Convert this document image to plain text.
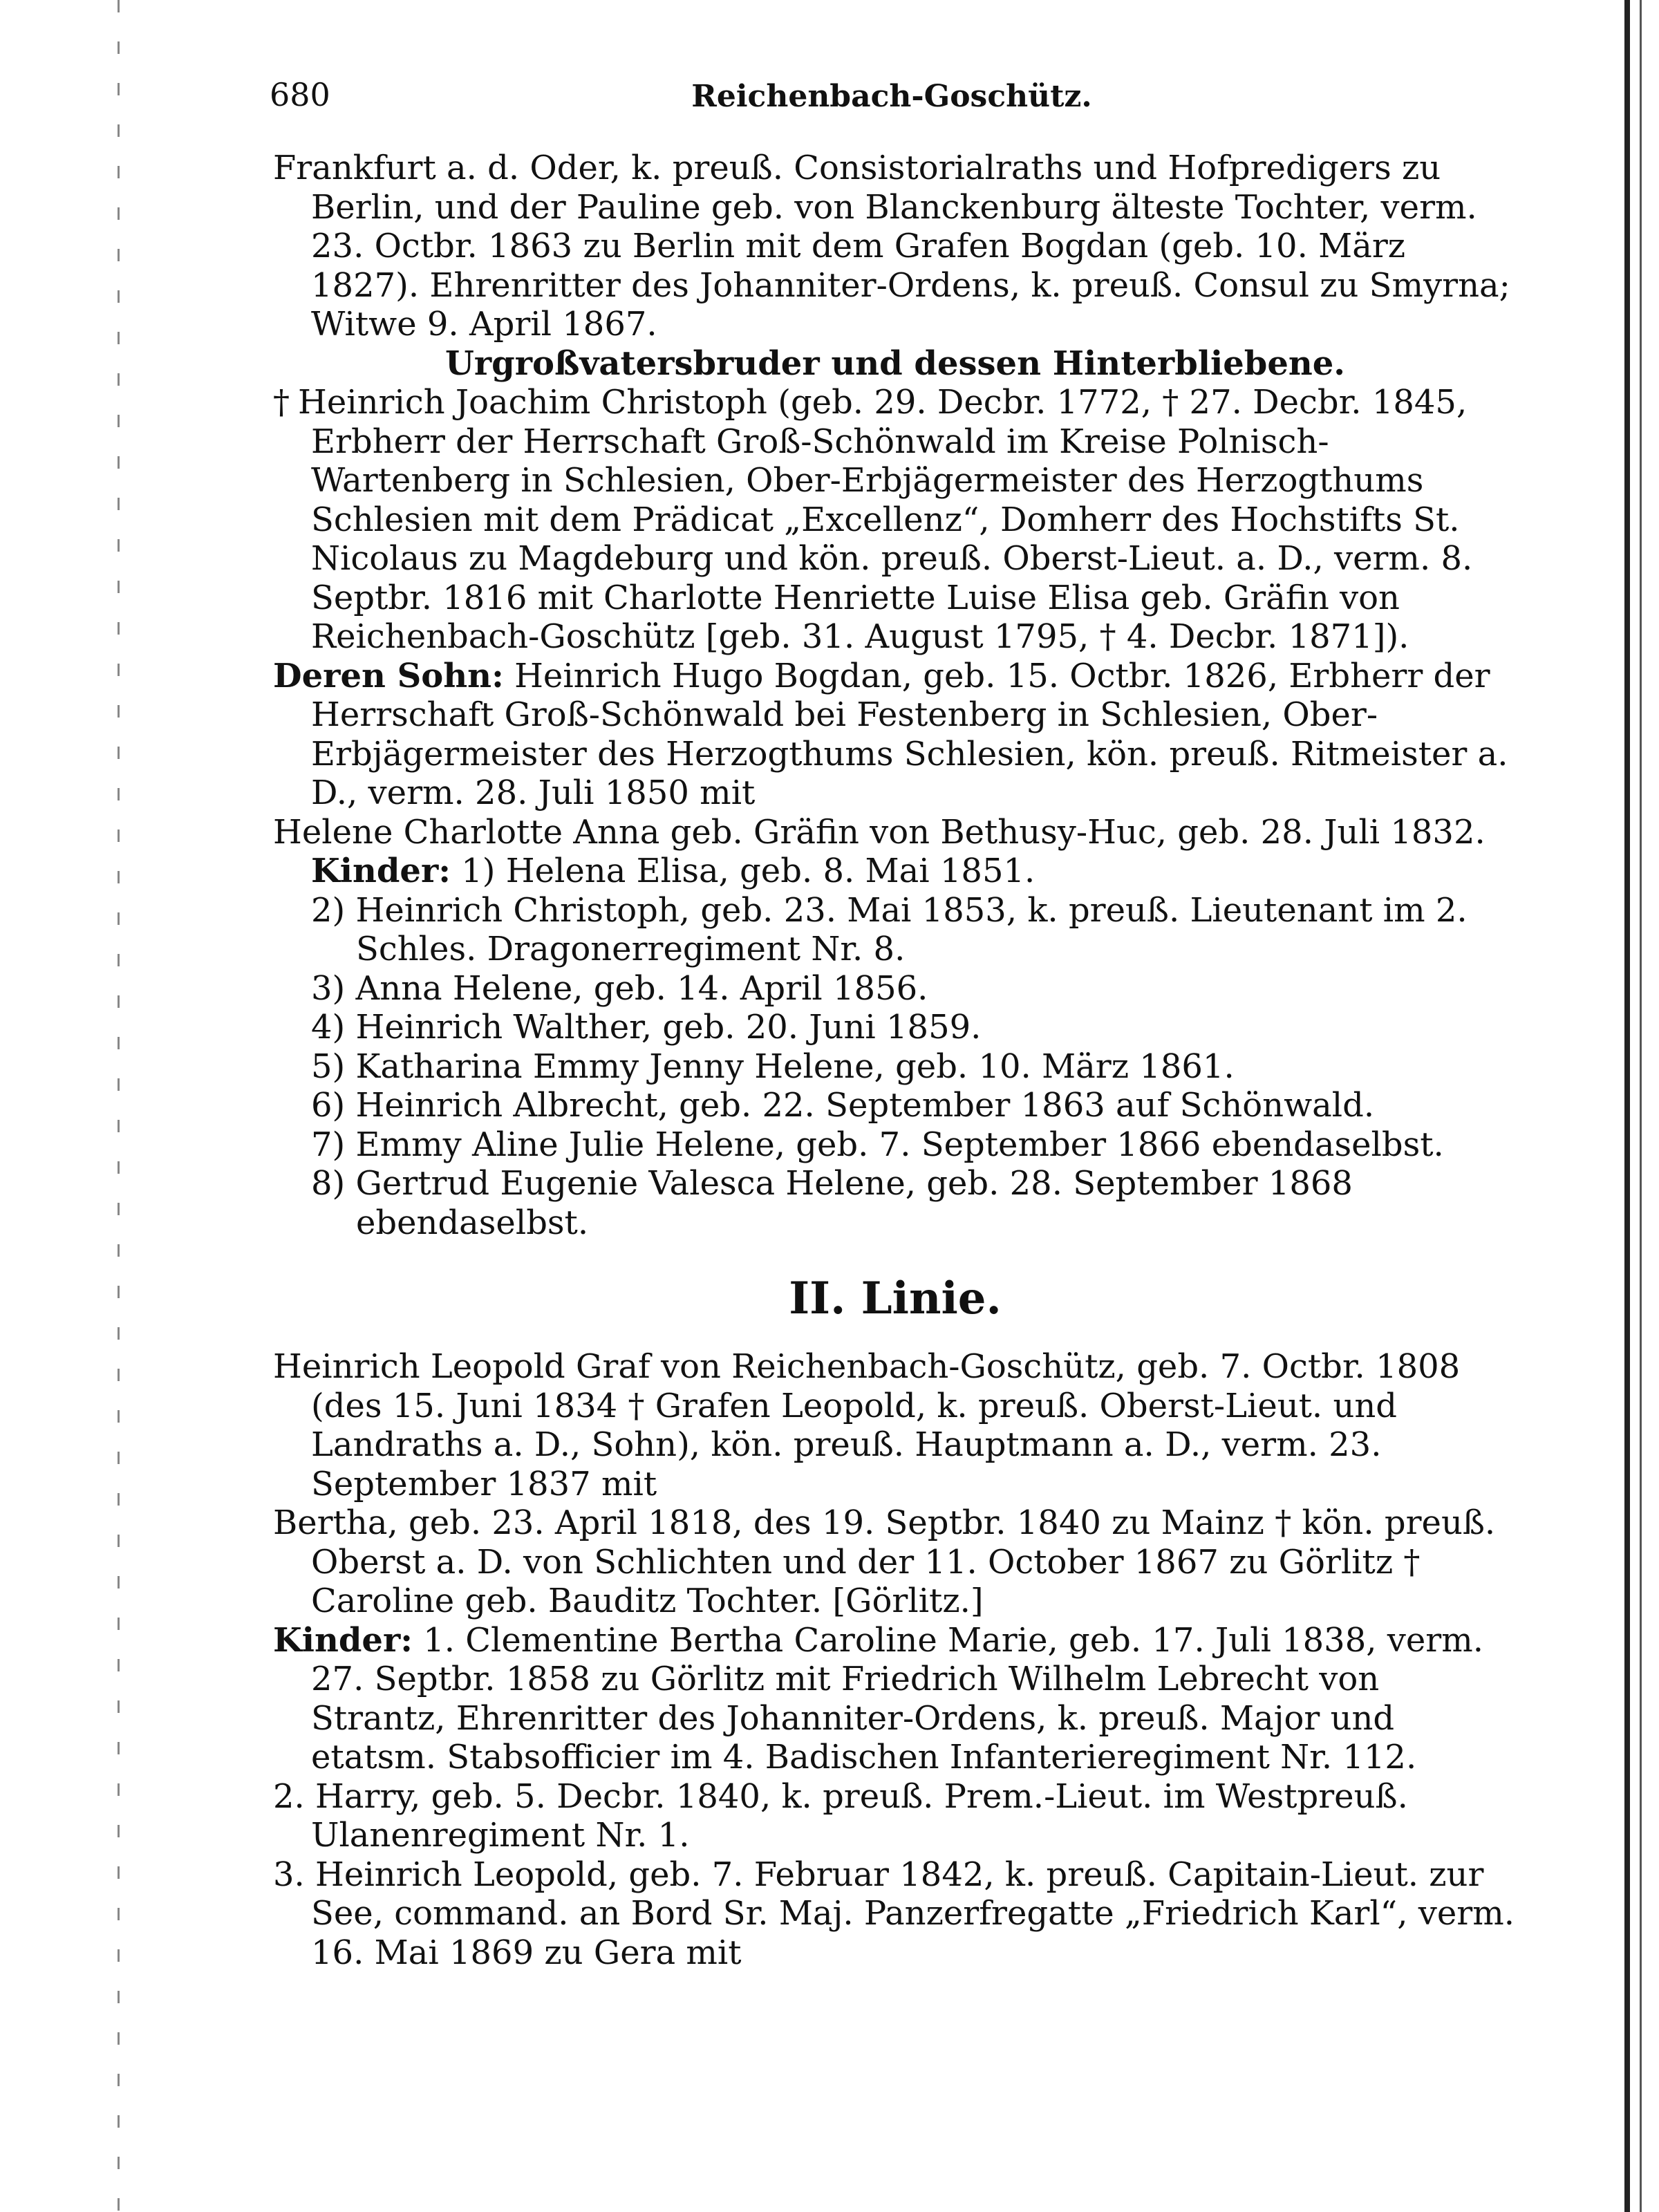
680	Reichenbach-Goschütz.

Frankfurt a. d. Oder, k. preuß. Consistorialraths und Hofpredigers zu Berlin, und der Pauline geb. von Blanckenburg älteste Tochter, verm. 23. Octbr. 1863 zu Berlin mit dem Grafen Bogdan (geb. 10. März 1827). Ehrenritter des Johanniter-Ordens, k. preuß. Consul zu Smyrna; Witwe 9. April 1867.

Urgroßvatersbruder und dessen Hinterbliebene.

† Heinrich Joachim Christoph (geb. 29. Decbr. 1772, † 27. Decbr. 1845, Erbherr der Herrschaft Groß-Schönwald im Kreise Polnisch-Wartenberg in Schlesien, Ober-Erbjägermeister des Herzogthums Schlesien mit dem Prädicat „Excellenz“, Domherr des Hochstifts St. Nicolaus zu Magdeburg und kön. preuß. Oberst-Lieut. a. D., verm. 8. Septbr. 1816 mit Charlotte Henriette Luise Elisa geb. Gräfin von Reichenbach-Goschütz [geb. 31. August 1795, † 4. Decbr. 1871]).

Deren Sohn: Heinrich Hugo Bogdan, geb. 15. Octbr. 1826, Erbherr der Herrschaft Groß-Schönwald bei Festenberg in Schlesien, Ober-Erbjägermeister des Herzogthums Schlesien, kön. preuß. Ritmeister a. D., verm. 28. Juli 1850 mit

Helene Charlotte Anna geb. Gräfin von Bethusy-Huc, geb. 28. Juli 1832.

Kinder: 1) Helena Elisa, geb. 8. Mai 1851.

2) Heinrich Christoph, geb. 23. Mai 1853, k. preuß. Lieutenant im 2. Schles. Dragonerregiment Nr. 8.

3) Anna Helene, geb. 14. April 1856.

4) Heinrich Walther, geb. 20. Juni 1859.

5) Katharina Emmy Jenny Helene, geb. 10. März 1861.

6) Heinrich Albrecht, geb. 22. September 1863 auf Schönwald.

7) Emmy Aline Julie Helene, geb. 7. September 1866 ebendaselbst.

8) Gertrud Eugenie Valesca Helene, geb. 28. September 1868 ebendaselbst.

II. Linie.

Heinrich Leopold Graf von Reichenbach-Goschütz, geb. 7. Octbr. 1808 (des 15. Juni 1834 † Grafen Leopold, k. preuß. Oberst-Lieut. und Landraths a. D., Sohn), kön. preuß. Hauptmann a. D., verm. 23. September 1837 mit

Bertha, geb. 23. April 1818, des 19. Septbr. 1840 zu Mainz † kön. preuß. Oberst a. D. von Schlichten und der 11. October 1867 zu Görlitz † Caroline geb. Bauditz Tochter. [Görlitz.]

Kinder: 1. Clementine Bertha Caroline Marie, geb. 17. Juli 1838, verm. 27. Septbr. 1858 zu Görlitz mit Friedrich Wilhelm Lebrecht von Strantz, Ehrenritter des Johanniter-Ordens, k. preuß. Major und etatsm. Stabsofficier im 4. Badischen Infanterieregiment Nr. 112.

2. Harry, geb. 5. Decbr. 1840, k. preuß. Prem.-Lieut. im Westpreuß. Ulanenregiment Nr. 1.

3. Heinrich Leopold, geb. 7. Februar 1842, k. preuß. Capitain-Lieut. zur See, command. an Bord Sr. Maj. Panzerfregatte „Friedrich Karl“, verm. 16. Mai 1869 zu Gera mit
